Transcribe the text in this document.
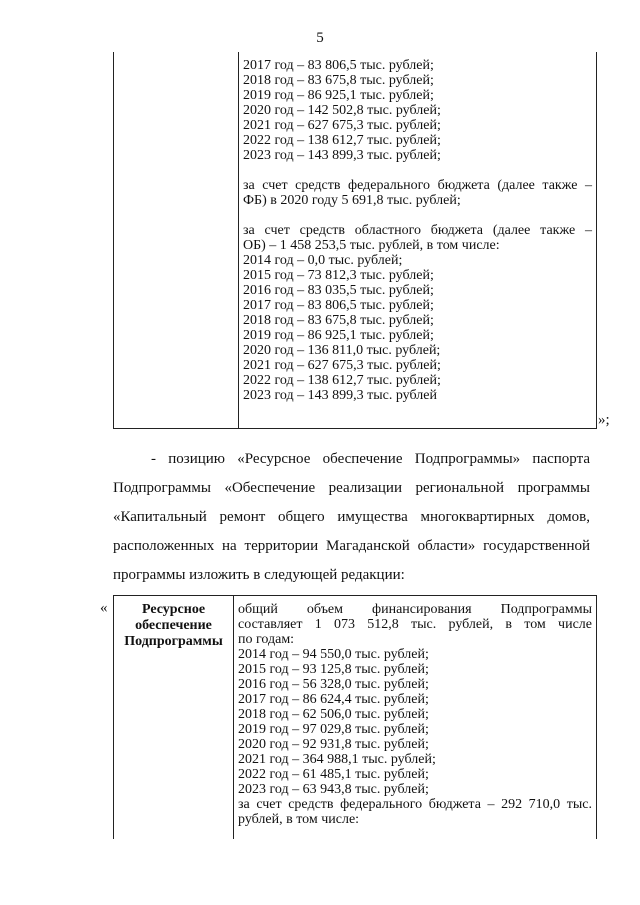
5
2017 год – 83 806,5 тыс. рублей;
2018 год – 83 675,8 тыс. рублей;
2019 год – 86 925,1 тыс. рублей;
2020 год – 142 502,8 тыс. рублей;
2021 год – 627 675,3 тыс. рублей;
2022 год – 138 612,7 тыс. рублей;
2023 год – 143 899,3 тыс. рублей;
за счет средств федерального бюджета (далее также –
ФБ) в 2020 году 5 691,8 тыс. рублей;
за счет средств областного бюджета (далее также –
ОБ) – 1 458 253,5 тыс. рублей, в том числе:
2014 год – 0,0 тыс. рублей;
2015 год – 73 812,3 тыс. рублей;
2016 год – 83 035,5 тыс. рублей;
2017 год – 83 806,5 тыс. рублей;
2018 год – 83 675,8 тыс. рублей;
2019 год – 86 925,1 тыс. рублей;
2020 год – 136 811,0 тыс. рублей;
2021 год – 627 675,3 тыс. рублей;
2022 год – 138 612,7 тыс. рублей;
2023 год – 143 899,3 тыс. рублей
»;
- позицию «Ресурсное обеспечение Подпрограммы» паспорта
Подпрограммы «Обеспечение реализации региональной программы
«Капитальный ремонт общего имущества многоквартирных домов,
расположенных на территории Магаданской области» государственной
программы изложить в следующей редакции:
«	Ресурсное
обеспечение
Подпрограммы
общий объем финансирования Подпрограммы
составляет 1 073 512,8 тыс. рублей, в том числе
по годам:
2014 год – 94 550,0 тыс. рублей;
2015 год – 93 125,8 тыс. рублей;
2016 год – 56 328,0 тыс. рублей;
2017 год – 86 624,4 тыс. рублей;
2018 год – 62 506,0 тыс. рублей;
2019 год – 97 029,8 тыс. рублей;
2020 год – 92 931,8 тыс. рублей;
2021 год – 364 988,1 тыс. рублей;
2022 год – 61 485,1 тыс. рублей;
2023 год – 63 943,8 тыс. рублей;
за счет средств федерального бюджета – 292 710,0 тыс.
рублей, в том числе:
